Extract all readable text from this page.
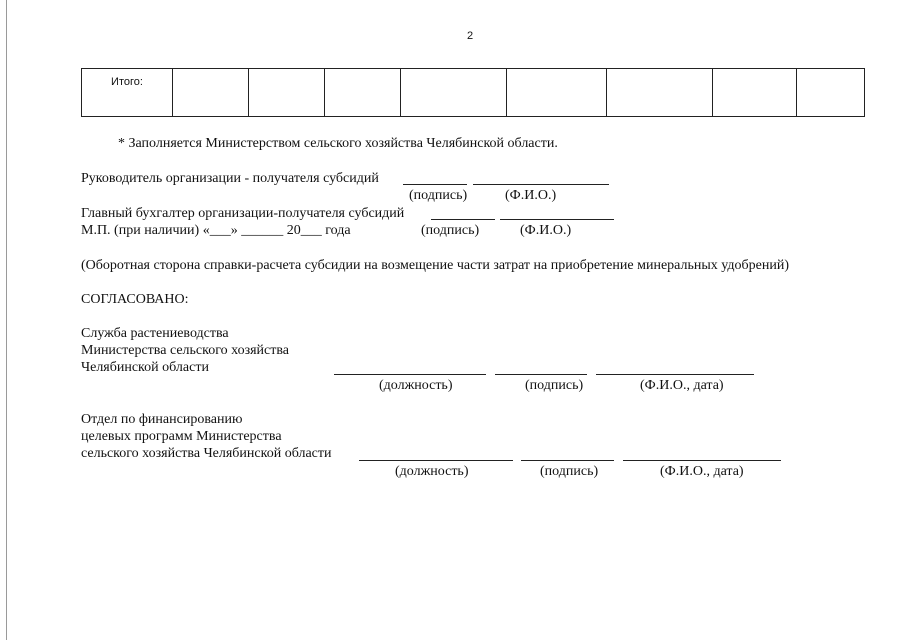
2
Итого:								
* Заполняется Министерством сельского хозяйства Челябинской области.
Руководитель организации - получателя субсидий
(подпись)	(Ф.И.О.)
Главный бухгалтер организации-получателя субсидий
М.П. (при наличии) «___» ______ 20___ года	(подпись)	(Ф.И.О.)
(Оборотная сторона справки-расчета субсидии на возмещение части затрат на приобретение минеральных удобрений)
СОГЛАСОВАНО:
Служба растениеводства
Министерства сельского хозяйства
Челябинской области
(должность)	(подпись)	(Ф.И.О., дата)
Отдел по финансированию
целевых программ Министерства
сельского хозяйства Челябинской области
(должность)	(подпись)	(Ф.И.О., дата)
